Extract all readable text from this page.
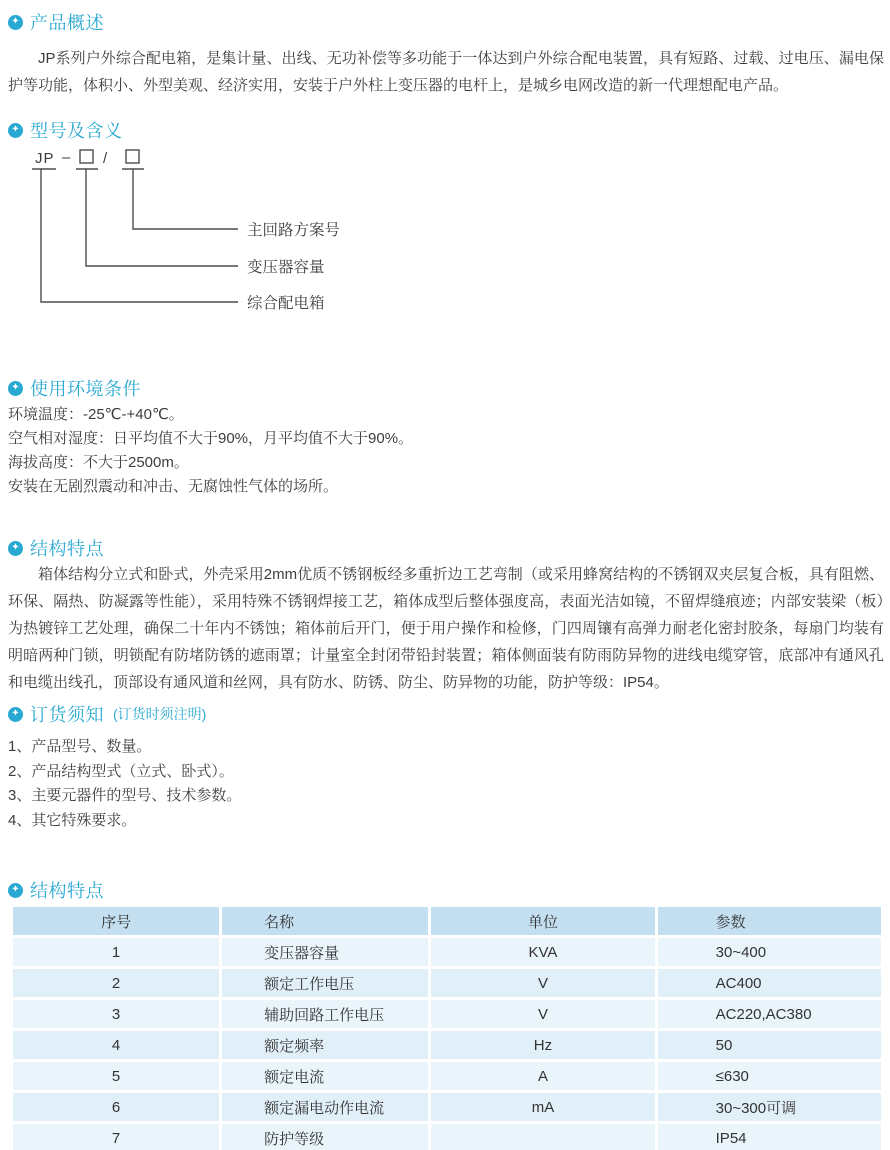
✦ 产品概述
JP系列户外综合配电箱，是集计量、出线、无功补偿等多功能于一体达到户外综合配电装置，具有短路、过载、过电压、漏电保护等功能，体积小、外型美观、经济实用，安装于户外柱上变压器的电杆上，是城乡电网改造的新一代理想配电产品。
✦ 型号及含义
JP – /
主回路方案号
变压器容量
综合配电箱
✦ 使用环境条件
环境温度：-25℃-+40℃。
空气相对湿度：日平均值不大于90%，月平均值不大于90%。
海拔高度：不大于2500m。
安装在无剧烈震动和冲击、无腐蚀性气体的场所。
✦ 结构特点
箱体结构分立式和卧式，外壳采用2mm优质不锈钢板经多重折边工艺弯制（或采用蜂窝结构的不锈钢双夹层复合板，具有阻燃、环保、隔热、防凝露等性能），采用特殊不锈钢焊接工艺，箱体成型后整体强度高，表面光洁如镜，不留焊缝痕迹；内部安装梁（板）为热镀锌工艺处理，确保二十年内不锈蚀；箱体前后开门，便于用户操作和检修，门四周镶有高弹力耐老化密封胶条，每扇门均装有明暗两种门锁，明锁配有防堵防锈的遮雨罩；计量室全封闭带铅封装置；箱体侧面装有防雨防异物的进线电缆穿管，底部冲有通风孔和电缆出线孔，顶部设有通风道和丝网，具有防水、防锈、防尘、防异物的功能，防护等级：IP54。
✦ 订货须知 (订货时须注明)
1、产品型号、数量。
2、产品结构型式（立式、卧式）。
3、主要元器件的型号、技术参数。
4、其它特殊要求。
✦ 结构特点
序号	名称	单位	参数
1	变压器容量	KVA	30~400
2	额定工作电压	V	AC400
3	辅助回路工作电压	V	AC220,AC380
4	额定频率	Hz	50
5	额定电流	A	≤630
6	额定漏电动作电流	mA	30~300可调
7	防护等级		IP54
